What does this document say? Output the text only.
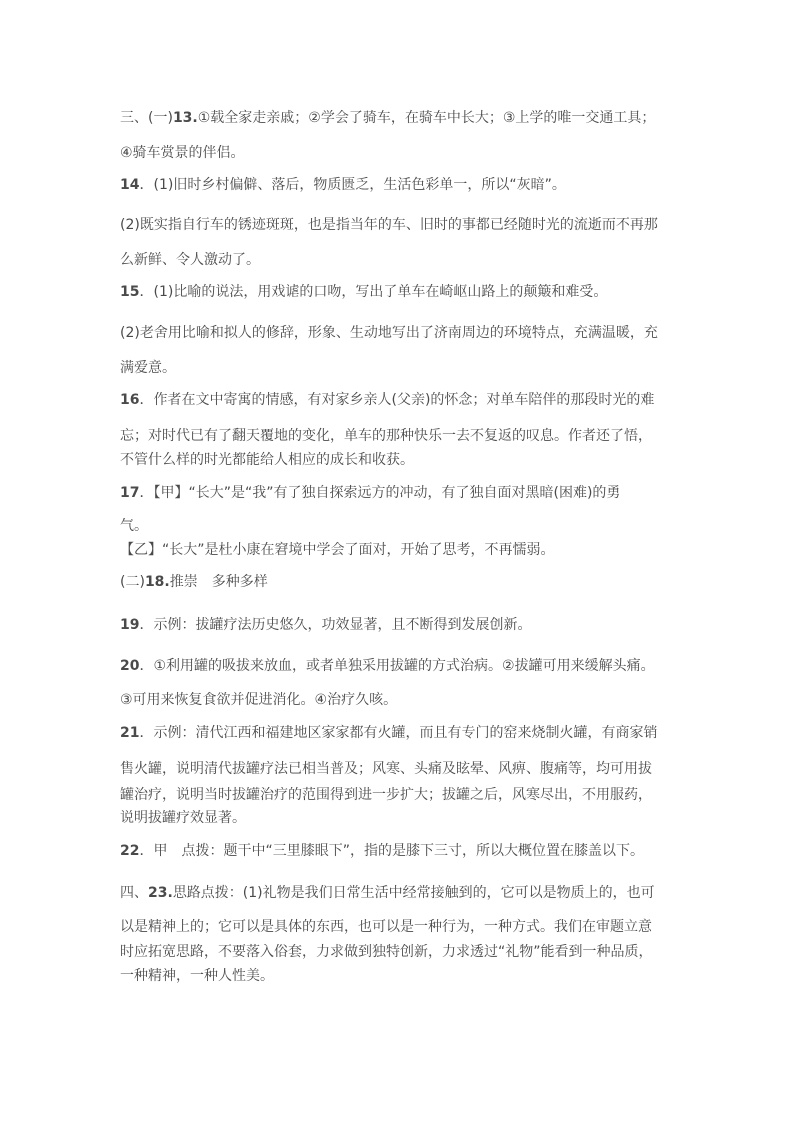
三、(一)13.①载全家走亲戚；②学会了骑车，在骑车中长大；③上学的唯一交通工具；
④骑车赏景的伴侣。
14．(1)旧时乡村偏僻、落后，物质匮乏，生活色彩单一，所以“灰暗”。
(2)既实指自行车的锈迹斑斑，也是指当年的车、旧时的事都已经随时光的流逝而不再那
么新鲜、令人激动了。
15．(1)比喻的说法，用戏谑的口吻，写出了单车在崎岖山路上的颠簸和难受。
(2)老舍用比喻和拟人的修辞，形象、生动地写出了济南周边的环境特点，充满温暖，充
满爱意。
16．作者在文中寄寓的情感，有对家乡亲人(父亲)的怀念；对单车陪伴的那段时光的难
忘；对时代已有了翻天覆地的变化，单车的那种快乐一去不复返的叹息。作者还了悟，
不管什么样的时光都能给人相应的成长和收获。
17．【甲】“长大”是“我”有了独自探索远方的冲动，有了独自面对黑暗(困难)的勇
气。
【乙】“长大”是杜小康在窘境中学会了面对，开始了思考，不再懦弱。
(二)18.推崇　多种多样
19．示例：拔罐疗法历史悠久，功效显著，且不断得到发展创新。
20．①利用罐的吸拔来放血，或者单独采用拔罐的方式治病。②拔罐可用来缓解头痛。
③可用来恢复食欲并促进消化。④治疗久咳。
21．示例：清代江西和福建地区家家都有火罐，而且有专门的窑来烧制火罐，有商家销
售火罐，说明清代拔罐疗法已相当普及；风寒、头痛及眩晕、风痹、腹痛等，均可用拔
罐治疗，说明当时拔罐治疗的范围得到进一步扩大；拔罐之后，风寒尽出，不用服药，
说明拔罐疗效显著。
22．甲　点拨：题干中“三里膝眼下”，指的是膝下三寸，所以大概位置在膝盖以下。
四、23.思路点拨：(1)礼物是我们日常生活中经常接触到的，它可以是物质上的，也可
以是精神上的；它可以是具体的东西，也可以是一种行为，一种方式。我们在审题立意
时应拓宽思路，不要落入俗套，力求做到独特创新，力求透过“礼物”能看到一种品质，
一种精神，一种人性美。
